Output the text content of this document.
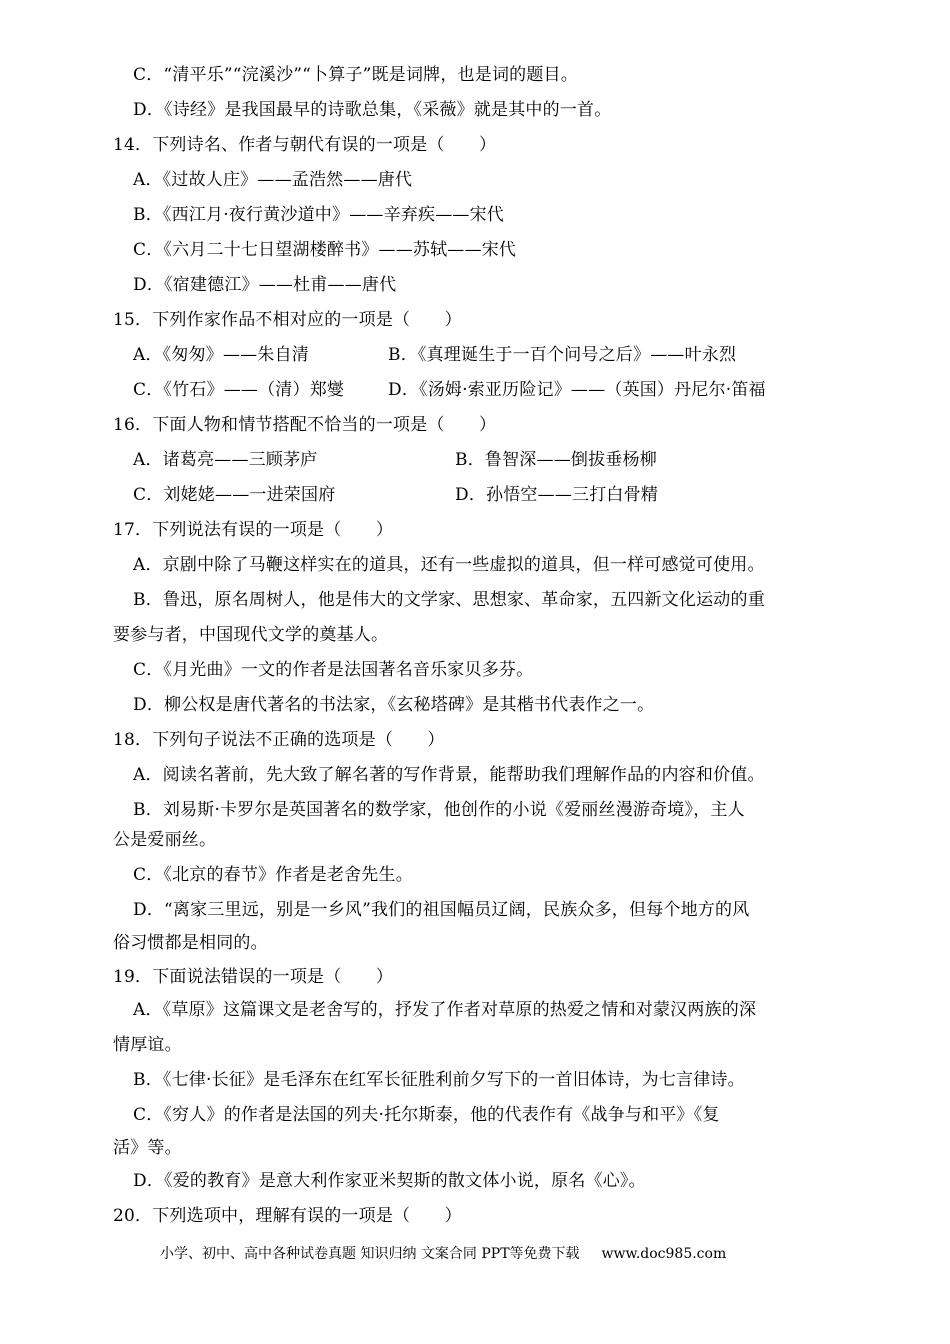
C．“清平乐”“浣溪沙”“卜算子”既是词牌，也是词的题目。
D．《诗经》是我国最早的诗歌总集，《采薇》就是其中的一首。
14．下列诗名、作者与朝代有误的一项是（　　）
A．《过故人庄》——孟浩然——唐代
B．《西江月·夜行黄沙道中》——辛弃疾——宋代
C．《六月二十七日望湖楼醉书》——苏轼——宋代
D．《宿建德江》——杜甫——唐代
15．下列作家作品不相对应的一项是（　　）
A．《匆匆》——朱自清	B．《真理诞生于一百个问号之后》——叶永烈
C．《竹石》——（清）郑燮	D．《汤姆·索亚历险记》——（英国）丹尼尔·笛福
16．下面人物和情节搭配不恰当的一项是（　　）
A．诸葛亮——三顾茅庐	B．鲁智深——倒拔垂杨柳
C．刘姥姥——一进荣国府	D．孙悟空——三打白骨精
17．下列说法有误的一项是（　　）
A．京剧中除了马鞭这样实在的道具，还有一些虚拟的道具，但一样可感觉可使用。
B．鲁迅，原名周树人，他是伟大的文学家、思想家、革命家，五四新文化运动的重
要参与者，中国现代文学的奠基人。
C．《月光曲》一文的作者是法国著名音乐家贝多芬。
D．柳公权是唐代著名的书法家，《玄秘塔碑》是其楷书代表作之一。
18．下列句子说法不正确的选项是（　　）
A．阅读名著前，先大致了解名著的写作背景，能帮助我们理解作品的内容和价值。
B．刘易斯·卡罗尔是英国著名的数学家，他创作的小说《爱丽丝漫游奇境》，主人
公是爱丽丝。
C．《北京的春节》作者是老舍先生。
D．“离家三里远，别是一乡风”我们的祖国幅员辽阔，民族众多，但每个地方的风
俗习惯都是相同的。
19．下面说法错误的一项是（　　）
A．《草原》这篇课文是老舍写的，抒发了作者对草原的热爱之情和对蒙汉两族的深
情厚谊。
B．《七律·长征》是毛泽东在红军长征胜利前夕写下的一首旧体诗，为七言律诗。
C．《穷人》的作者是法国的列夫·托尔斯泰，他的代表作有《战争与和平》《复
活》等。
D．《爱的教育》是意大利作家亚米契斯的散文体小说，原名《心》。
20．下列选项中，理解有误的一项是（　　）
小学、初中、高中各种试卷真题 知识归纳 文案合同 PPT等免费下载 www.doc985.com
